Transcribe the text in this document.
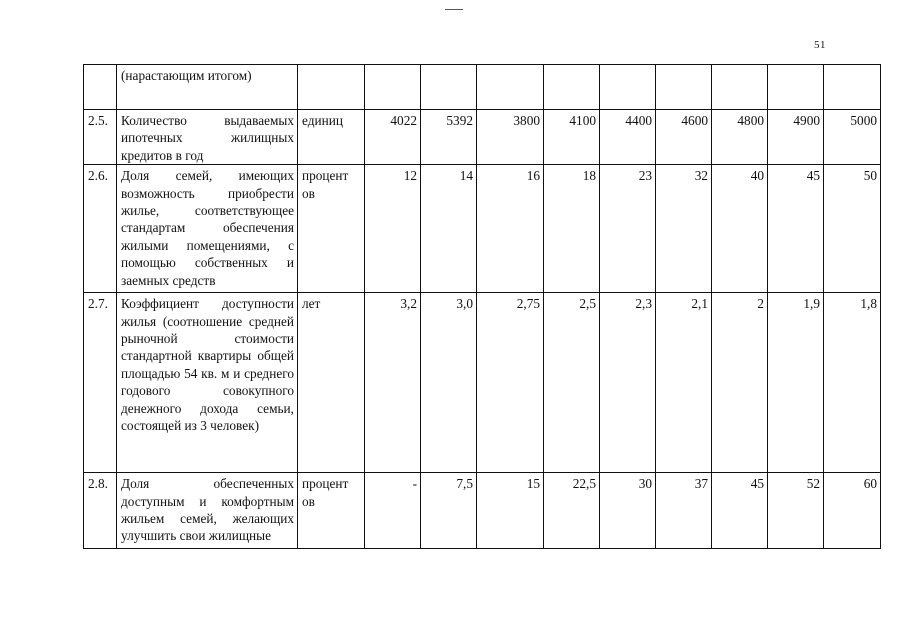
51
	(нарастающим итогом)										
2.5.	Количество выдаваемых ипотечных жилищных кредитов в год	единиц	4022	5392	3800	4100	4400	4600	4800	4900	5000
2.6.	Доля семей, имеющих возможность приобрести жилье, соответствующее стандартам обеспечения жилыми помещениями, с помощью собственных и заемных средств	процент ов	12	14	16	18	23	32	40	45	50
2.7.	Коэффициент доступности жилья (соотношение средней рыночной стоимости стандартной квартиры общей площадью 54 кв. м и среднего годового совокупного денежного дохода семьи, состоящей из 3 человек)	лет	3,2	3,0	2,75	2,5	2,3	2,1	2	1,9	1,8
2.8.	Доля обеспеченных доступным и комфортным жильем семей, желающих улучшить свои жилищные	процент ов	-	7,5	15	22,5	30	37	45	52	60
